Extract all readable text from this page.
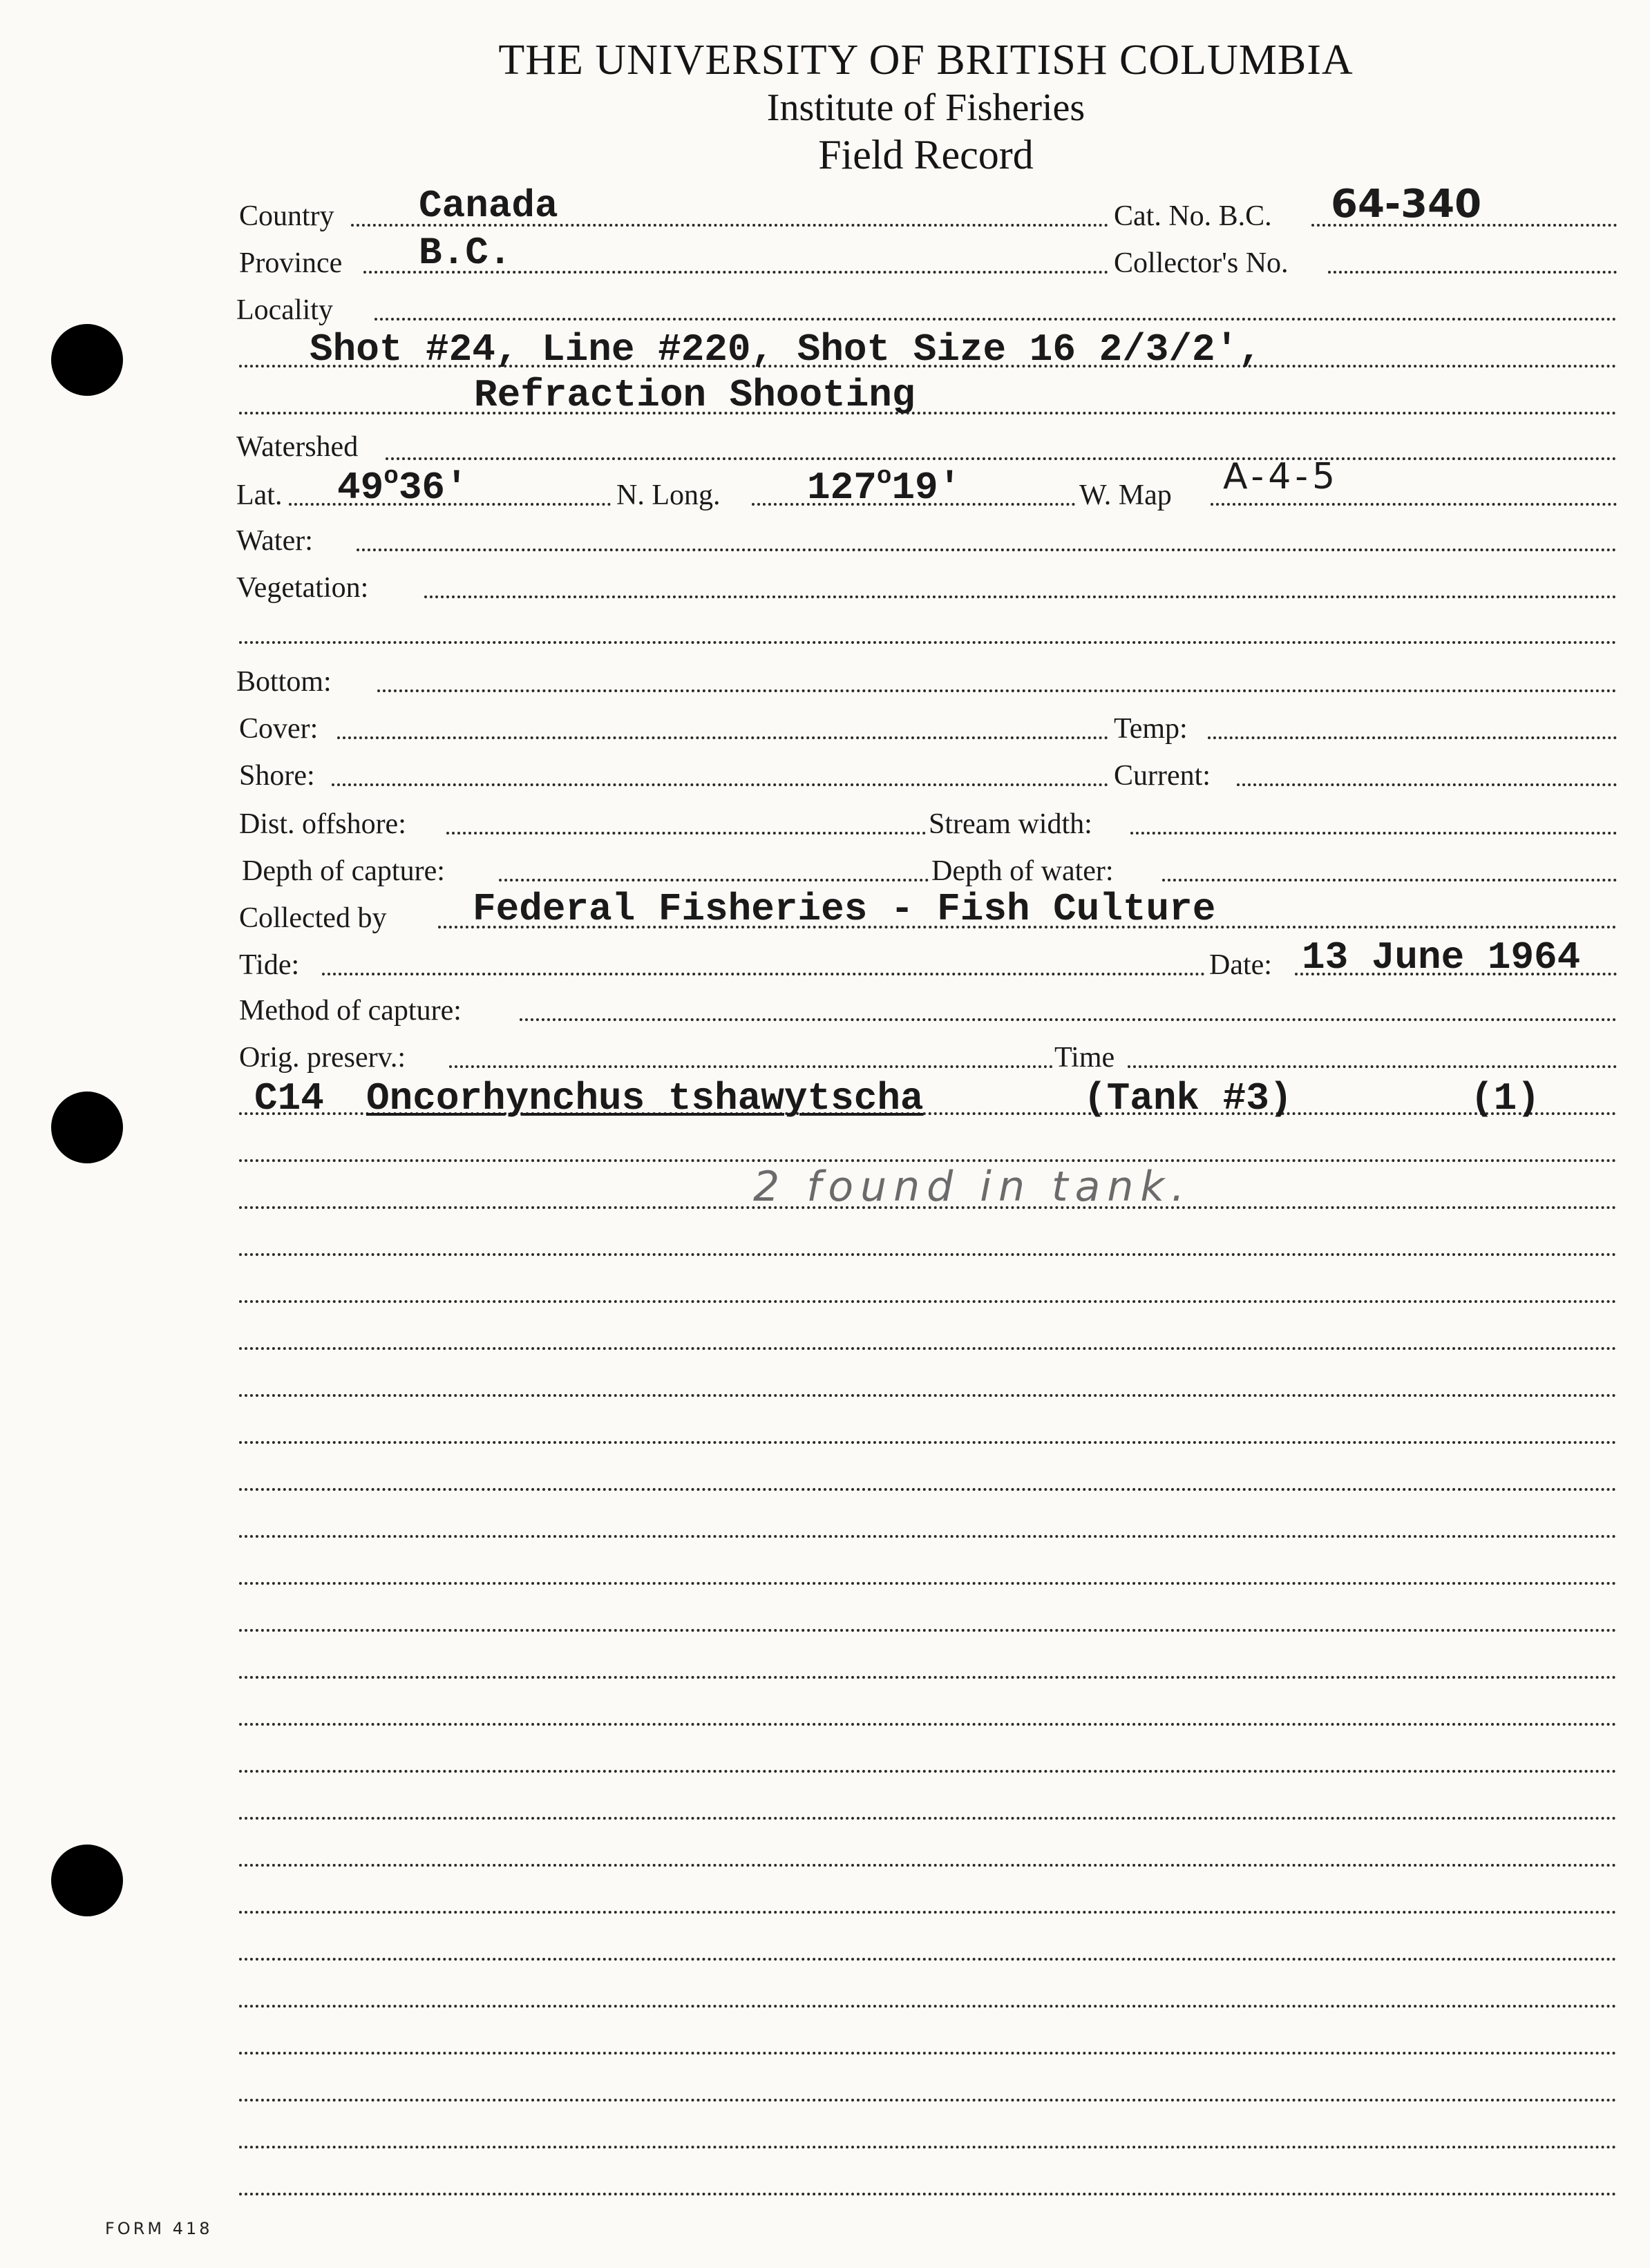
THE UNIVERSITY OF BRITISH COLUMBIA
Institute of Fisheries
Field Record
Country Canada	Cat. No. B.C. 64-340
Province B.C.	Collector's No.
Locality
Shot #24, Line #220, Shot Size 16 2/3/2',
Refraction Shooting
Watershed
Lat. 49$^o$36'	N. Long. 127$^o$19'	W. Map A-4-5
Water:
Vegetation:
Bottom:
Cover:	Temp:
Shore:	Current:
Dist. offshore:	Stream width:
Depth of capture:	Depth of water:
Collected by Federal Fisheries - Fish Culture
Tide:	Date: 13 June 1964
Method of capture:
Orig. preserv.:	Time
C14 Oncorhynchus tshawytscha	(Tank #3)	(1)
2 found in tank.
FORM 418
